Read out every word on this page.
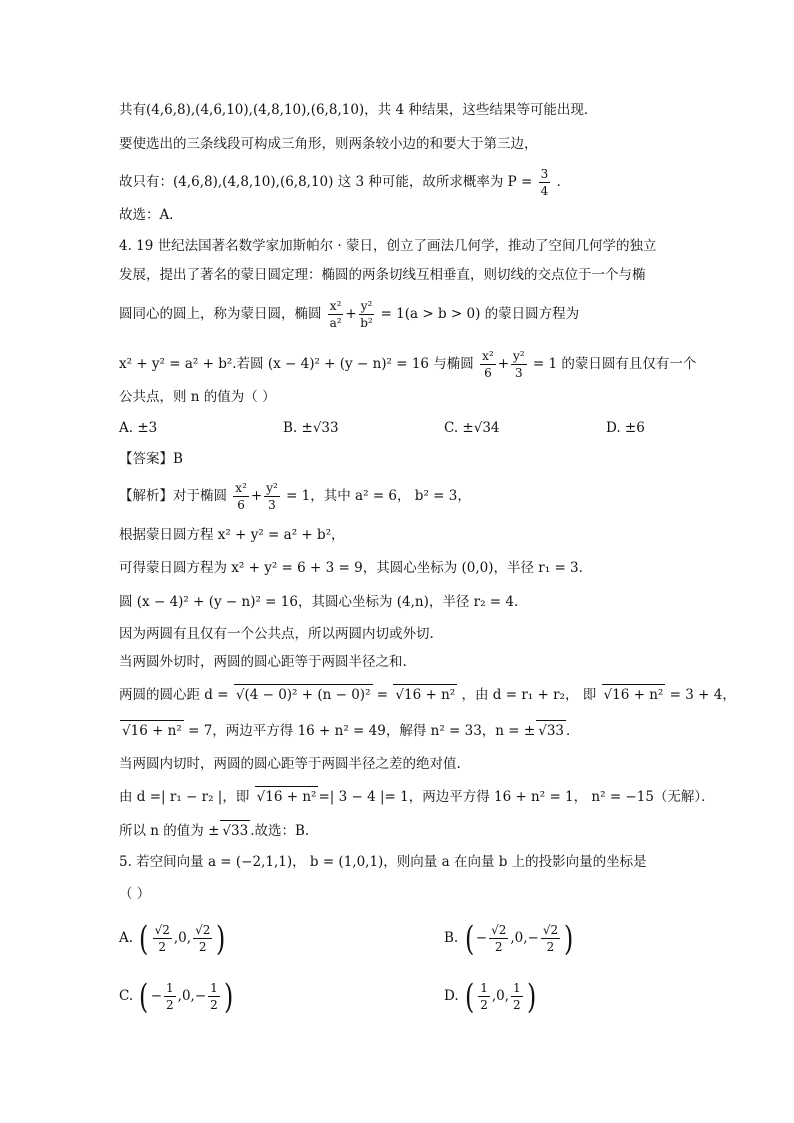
共有(4,6,8),(4,6,10),(4,8,10),(6,8,10)，共 4 种结果，这些结果等可能出现．
要使选出的三条线段可构成三角形，则两条较小边的和要大于第三边，
故只有：(4,6,8),(4,8,10),(6,8,10) 这 3 种可能，故所求概率为 $P = \frac{3}{4}$ ．
故选：A．
4. 19 世纪法国著名数学家加斯帕尔 · 蒙日，创立了画法几何学，推动了空间几何学的独立
发展，提出了著名的蒙日圆定理：椭圆的两条切线互相垂直，则切线的交点位于一个与椭
圆同心的圆上，称为蒙日圆，椭圆 $\frac{\text{x²}}{\text{a²}} + \frac{\text{y²}}{\text{b²}} = 1(a > b > 0)$ 的蒙日圆方程为
x² + y² = a² + b².若圆 (x − 4)² + (y − n)² = 16 与椭圆 $\frac{\text{x²}}{6} + \frac{\text{y²}}{3} = 1$ 的蒙日圆有且仅有一个
公共点，则 n 的值为（ ）
A. ±3	B. ±√33	C. ±√34	D. ±6
【答案】B
【解析】对于椭圆 $\frac{\text{x²}}{6} + \frac{\text{y²}}{3} = 1$，其中 a² = 6， b² = 3，
根据蒙日圆方程 x² + y² = a² + b²，
可得蒙日圆方程为 x² + y² = 6 + 3 = 9，其圆心坐标为 (0,0)，半径 r₁ = 3．
圆 (x − 4)² + (y − n)² = 16，其圆心坐标为 (4,n)，半径 r₂ = 4．
因为两圆有且仅有一个公共点，所以两圆内切或外切.
当两圆外切时，两圆的圆心距等于两圆半径之和.
两圆的圆心距 d = √(4 − 0)² + (n − 0)² = √16 + n² ，由 d = r₁ + r₂， 即 √16 + n² = 3 + 4，
√16 + n² = 7，两边平方得 16 + n² = 49，解得 n² = 33，n = ± √33 ．
当两圆内切时，两圆的圆心距等于两圆半径之差的绝对值.
由 d =| r₁ − r₂ |，即 √16 + n² =| 3 − 4 |= 1，两边平方得 16 + n² = 1， n² = −15（无解）．
所以 n 的值为 ± √33 .故选：B.
5. 若空间向量 a = (−2,1,1)， b = (1,0,1)，则向量 a 在向量 b 上的投影向量的坐标是
（ ）
A. ( $\frac{√2}{2} ,0$, $\frac{√2}{2}$ )	B. ( − $\frac{√2}{2} ,0,- \frac{√2}{2}$ )
C. ( − $\frac{1}{2} ,0,- \frac{1}{2}$ )	D. ( $\frac{1}{2} ,0$, $\frac{1}{2}$ )
